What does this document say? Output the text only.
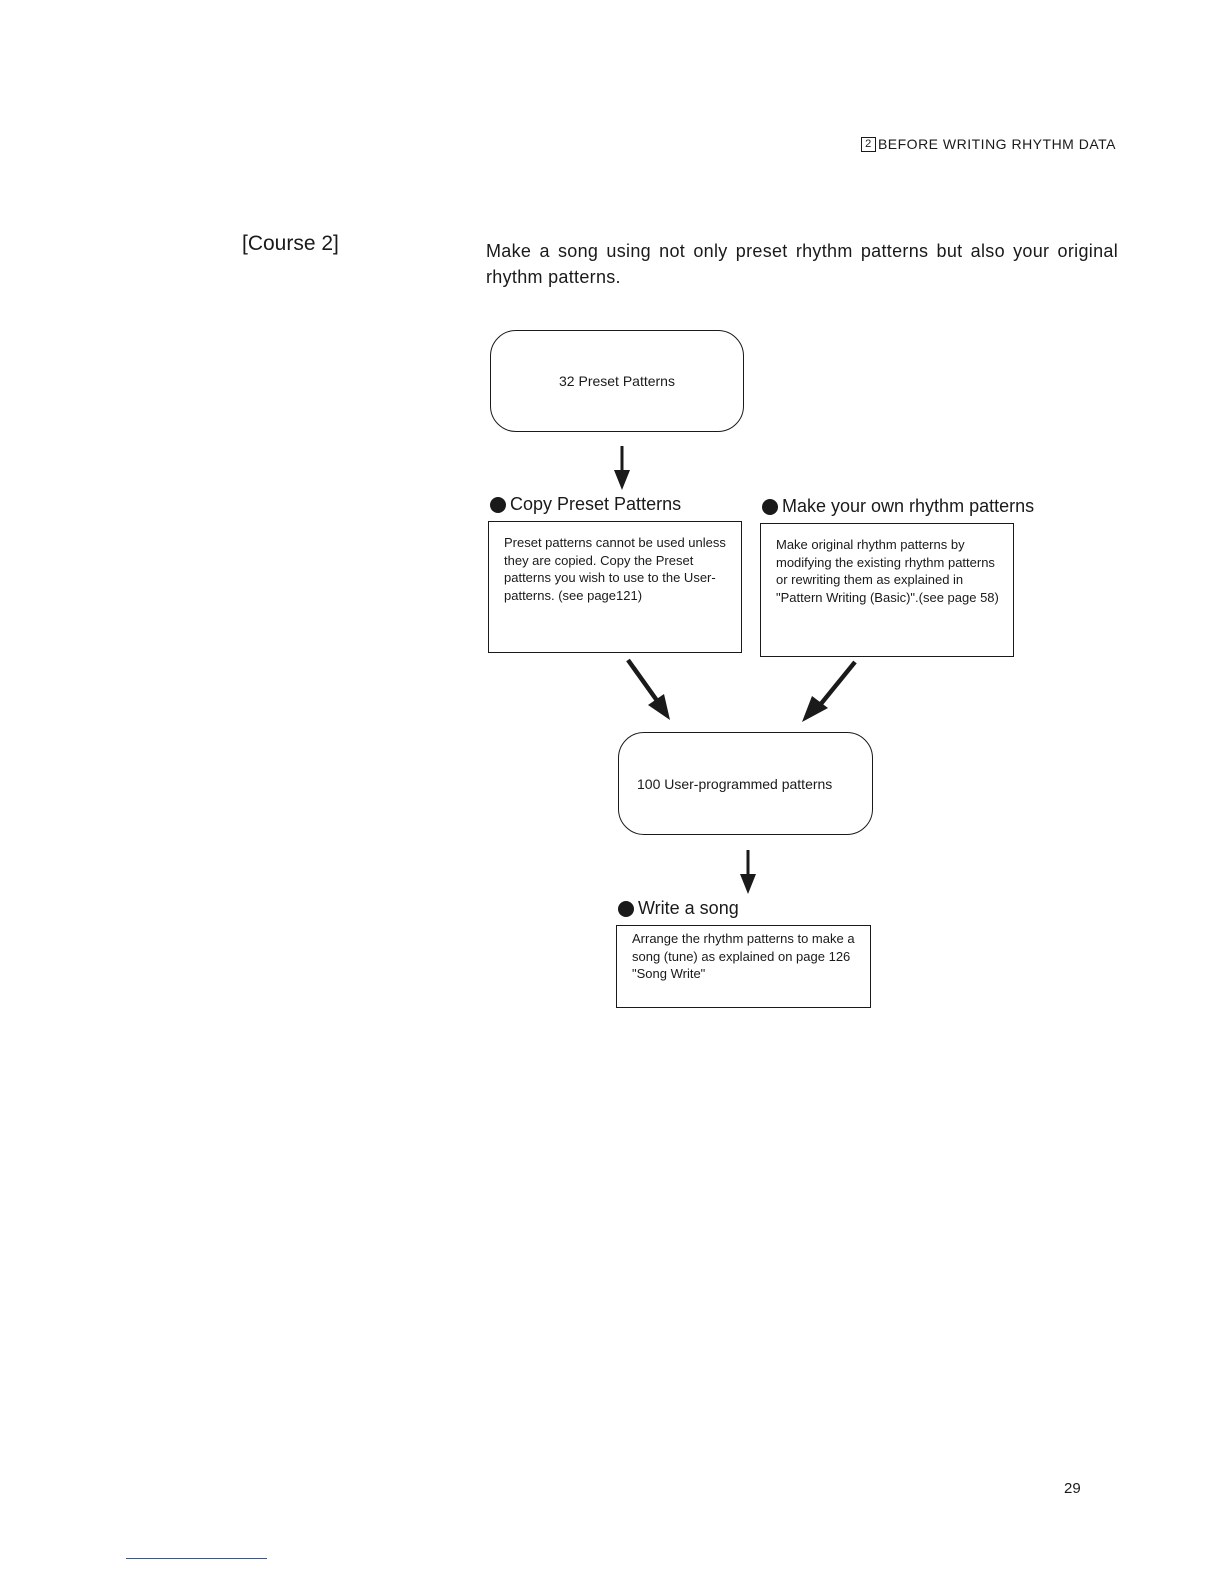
2 BEFORE WRITING RHYTHM DATA
[Course 2]	Make a song using not only preset rhythm patterns but also your original rhythm patterns.
32 Preset Patterns
Copy Preset Patterns
Preset patterns cannot be used unless they are copied. Copy the Preset patterns you wish to use to the User-patterns. (see page121)
Make your own rhythm patterns
Make original rhythm patterns by modifying the existing rhythm patterns or rewriting them as explained in "Pattern Writing (Basic)".(see page 58)
100 User-programmed patterns
Write a song
Arrange the rhythm patterns to make a song (tune) as explained on page 126 "Song Write"
29
